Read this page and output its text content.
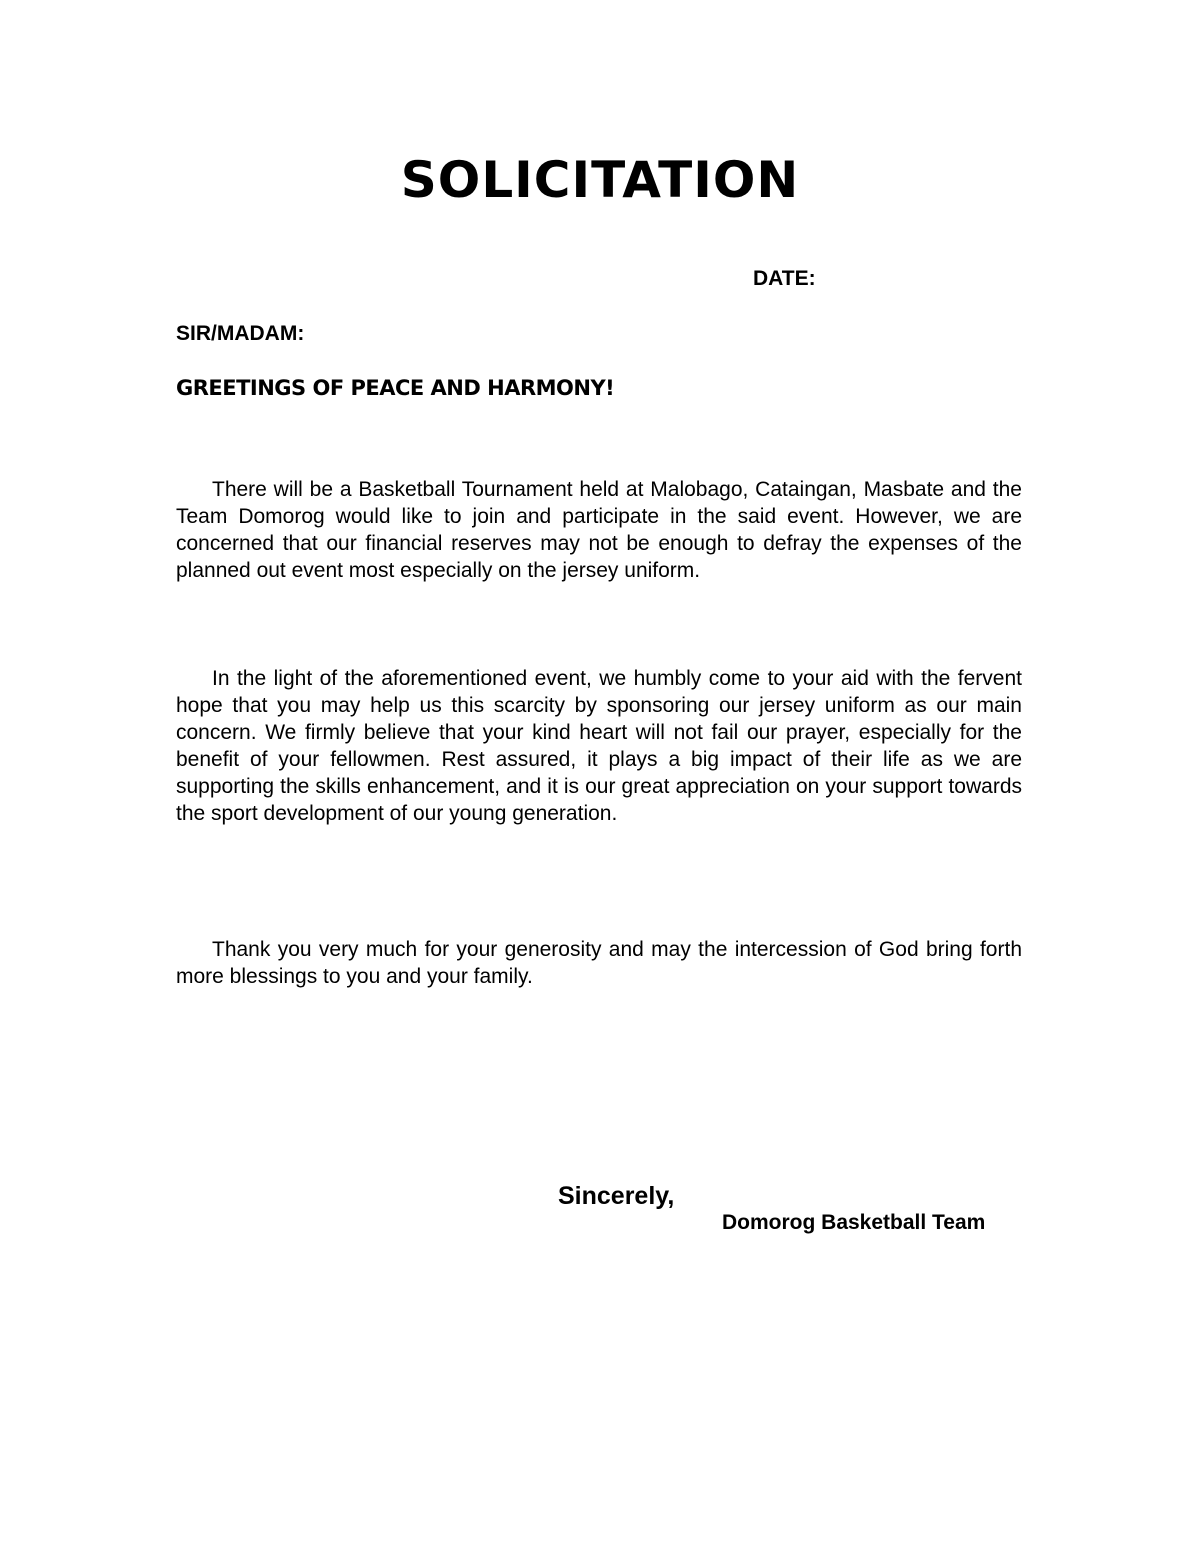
SOLICITATION
DATE:
SIR/MADAM:
GREETINGS OF PEACE AND HARMONY!

There will be a Basketball Tournament held at Malobago, Cataingan, Masbate and the Team Domorog would like to join and participate in the said event. However, we are concerned that our financial reserves may not be enough to defray the expenses of the planned out event most especially on the jersey uniform.

In the light of the aforementioned event, we humbly come to your aid with the fervent hope that you may help us this scarcity by sponsoring our jersey uniform as our main concern. We firmly believe that your kind heart will not fail our prayer, especially for the benefit of your fellowmen. Rest assured, it plays a big impact of their life as we are supporting the skills enhancement, and it is our great appreciation on your support towards the sport development of our young generation.

Thank you very much for your generosity and may the intercession of God bring forth more blessings to you and your family.

Sincerely,
Domorog Basketball Team
